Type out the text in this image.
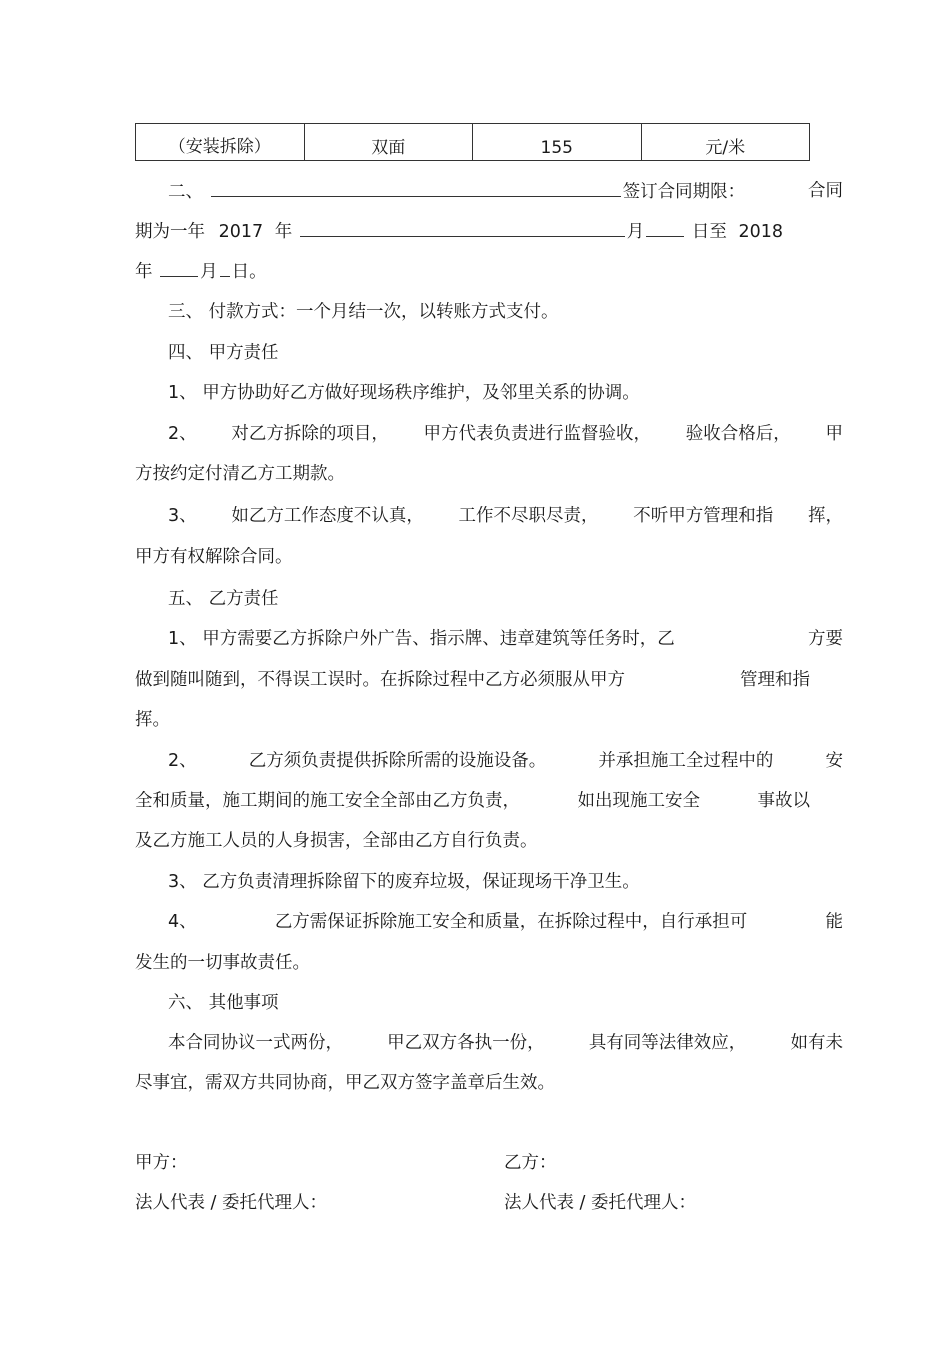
（安装拆除）	双面	155	元/米
二、	签订合同期限：	合同
期为一年 2017 年	月	日至 2018
年	月 日。
三、 付款方式：一个月结一次，以转账方式支付。
四、 甲方责任
1、 甲方协助好乙方做好现场秩序维护，及邻里关系的协调。
2、 对乙方拆除的项目， 甲方代表负责进行监督验收， 验收合格后， 甲
方按约定付清乙方工期款。
3、 如乙方工作态度不认真， 工作不尽职尽责， 不听甲方管理和指 挥，
甲方有权解除合同。
五、 乙方责任
1、 甲方需要乙方拆除户外广告、指示牌、违章建筑等任务时，乙	方要
做到随叫随到，不得误工误时。在拆除过程中乙方必须服从甲方	管理和指
挥。
2、	乙方须负责提供拆除所需的设施设备。	并承担施工全过程中的	安
全和质量，施工期间的施工安全全部由乙方负责，	如出现施工安全	事故以
及乙方施工人员的人身损害，全部由乙方自行负责。
3、 乙方负责清理拆除留下的废弃垃圾，保证现场干净卫生。
4、	乙方需保证拆除施工安全和质量，在拆除过程中，自行承担可	能
发生的一切事故责任。
六、 其他事项
本合同协议一式两份，	甲乙双方各执一份，	具有同等法律效应，	如有未
尽事宜，需双方共同协商，甲乙双方签字盖章后生效。
甲方：	乙方：
法人代表 / 委托代理人：	法人代表 / 委托代理人：
